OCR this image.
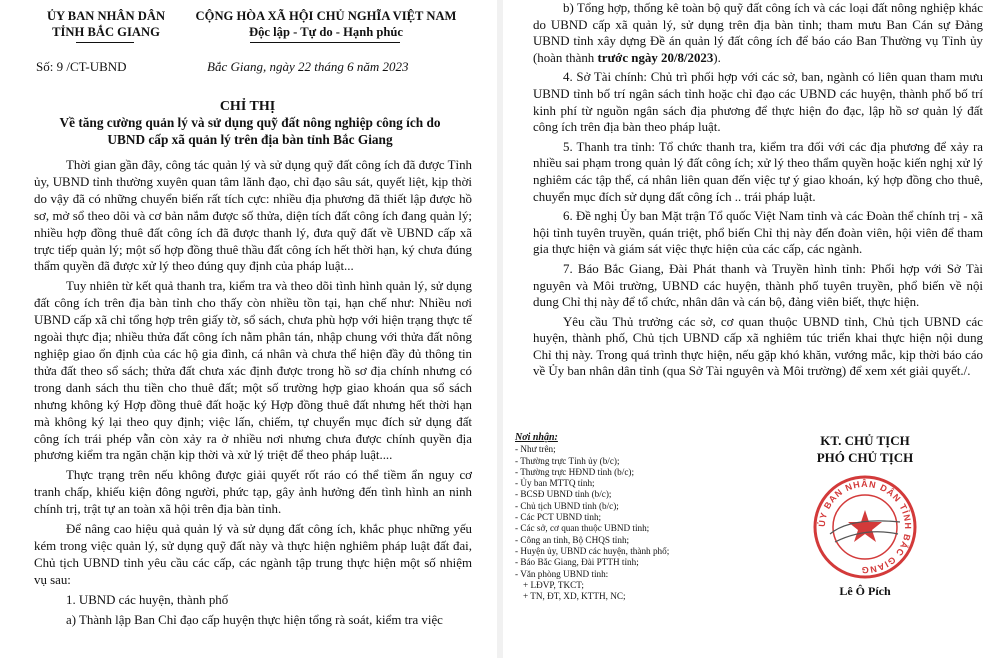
ỦY BAN NHÂN DÂN
TỈNH BẮC GIANG
CỘNG HÒA XÃ HỘI CHỦ NGHĨA VIỆT NAM
Độc lập - Tự do - Hạnh phúc
Số: 9 /CT-UBND	Bắc Giang, ngày 22 tháng 6 năm 2023
CHỈ THỊ
Về tăng cường quản lý và sử dụng quỹ đất nông nghiệp công ích do UBND cấp xã quản lý trên địa bàn tỉnh Bắc Giang

Thời gian gần đây, công tác quản lý và sử dụng quỹ đất công ích đã được Tỉnh ủy, UBND tỉnh thường xuyên quan tâm lãnh đạo, chỉ đạo sâu sát, quyết liệt, kịp thời do vậy đã có những chuyển biến rất tích cực: nhiều địa phương đã thiết lập được hồ sơ, mở sổ theo dõi và cơ bản nắm được số thửa, diện tích đất công ích đang quản lý; nhiều hợp đồng thuê đất công ích đã được thanh lý, đưa quỹ đất về UBND cấp xã trực tiếp quản lý; một số hợp đồng thuê thầu đất công ích hết thời hạn, ký chưa đúng thẩm quyền đã được xử lý theo đúng quy định của pháp luật...

Tuy nhiên từ kết quả thanh tra, kiểm tra và theo dõi tình hình quản lý, sử dụng đất công ích trên địa bàn tỉnh cho thấy còn nhiều tồn tại, hạn chế như: Nhiều nơi UBND cấp xã chỉ tổng hợp trên giấy tờ, sổ sách, chưa phù hợp với hiện trạng thực tế ngoài thực địa; nhiều thửa đất công ích nằm phân tán, nhập chung với thửa đất nông nghiệp giao ổn định của các hộ gia đình, cá nhân và chưa thể hiện đầy đủ thông tin thửa đất theo sổ sách; thửa đất chưa xác định được trong hồ sơ địa chính nhưng có trong danh sách thu tiền cho thuê đất; một số trường hợp giao khoán qua sổ sách nhưng không ký Hợp đồng thuê đất hoặc ký Hợp đồng thuê đất nhưng hết thời hạn mà không ký lại theo quy định; việc lấn, chiếm, tự chuyển mục đích sử dụng đất công ích trái phép vẫn còn xảy ra ở nhiều nơi nhưng chưa được chính quyền địa phương kiểm tra ngăn chặn kịp thời và xử lý triệt để theo pháp luật....

Thực trạng trên nếu không được giải quyết rốt ráo có thể tiềm ẩn nguy cơ tranh chấp, khiếu kiện đông người, phức tạp, gây ảnh hưởng đến tình hình an ninh chính trị, trật tự an toàn xã hội trên địa bàn tỉnh.

Để nâng cao hiệu quả quản lý và sử dụng đất công ích, khắc phục những yếu kém trong việc quản lý, sử dụng quỹ đất này và thực hiện nghiêm pháp luật đất đai, Chủ tịch UBND tỉnh yêu cầu các cấp, các ngành tập trung thực hiện một số nhiệm vụ sau:

1. UBND các huyện, thành phố

a) Thành lập Ban Chỉ đạo cấp huyện thực hiện tổng rà soát, kiểm tra việc

b) Tổng hợp, thống kê toàn bộ quỹ đất công ích và các loại đất nông nghiệp khác do UBND cấp xã quản lý, sử dụng trên địa bàn tỉnh; tham mưu Ban Cán sự Đảng UBND tỉnh xây dựng Đề án quản lý đất công ích để báo cáo Ban Thường vụ Tỉnh ủy (hoàn thành trước ngày 20/8/2023).

4. Sở Tài chính: Chủ trì phối hợp với các sở, ban, ngành có liên quan tham mưu UBND tỉnh bố trí ngân sách tỉnh hoặc chỉ đạo các UBND các huyện, thành phố bố trí kinh phí từ nguồn ngân sách địa phương để thực hiện đo đạc, lập hồ sơ quản lý đất công ích trên địa bàn theo pháp luật.

5. Thanh tra tỉnh: Tổ chức thanh tra, kiểm tra đối với các địa phương để xảy ra nhiều sai phạm trong quản lý đất công ích; xử lý theo thẩm quyền hoặc kiến nghị xử lý nghiêm các tập thể, cá nhân liên quan đến việc tự ý giao khoán, ký hợp đồng cho thuê, chuyển mục đích sử dụng đất công ích .. trái pháp luật.

6. Đề nghị Ủy ban Mặt trận Tổ quốc Việt Nam tỉnh và các Đoàn thể chính trị - xã hội tỉnh tuyên truyền, quán triệt, phổ biến Chỉ thị này đến đoàn viên, hội viên để tham gia thực hiện và giám sát việc thực hiện của các cấp, các ngành.

7. Báo Bắc Giang, Đài Phát thanh và Truyền hình tỉnh: Phối hợp với Sở Tài nguyên và Môi trường, UBND các huyện, thành phố tuyên truyền, phổ biến về nội dung Chỉ thị này để tổ chức, nhân dân và cán bộ, đảng viên biết, thực hiện.

Yêu cầu Thủ trưởng các sở, cơ quan thuộc UBND tỉnh, Chủ tịch UBND các huyện, thành phố, Chủ tịch UBND cấp xã nghiêm túc triển khai thực hiện nội dung Chỉ thị này. Trong quá trình thực hiện, nếu gặp khó khăn, vướng mắc, kịp thời báo cáo về Ủy ban nhân dân tỉnh (qua Sở Tài nguyên và Môi trường) để xem xét giải quyết./.

Nơi nhận:
- Như trên;
- Thường trực Tỉnh ủy (b/c);
- Thường trực HĐND tỉnh (b/c);
- Ủy ban MTTQ tỉnh;
- BCSĐ UBND tỉnh (b/c);
- Chủ tịch UBND tỉnh (b/c);
- Các PCT UBND tỉnh;
- Các sở, cơ quan thuộc UBND tỉnh;
- Công an tỉnh, Bộ CHQS tỉnh;
- Huyện ủy, UBND các huyện, thành phố;
- Báo Bắc Giang, Đài PTTH tỉnh;
- Văn phòng UBND tỉnh:
+ LĐVP, TKCT;
+ TN, ĐT, XD, KTTH, NC;
KT. CHỦ TỊCH
PHÓ CHỦ TỊCH
ỦY BAN NHÂN DÂN TỈNH BẮC GIANG
Lê Ô Pích
